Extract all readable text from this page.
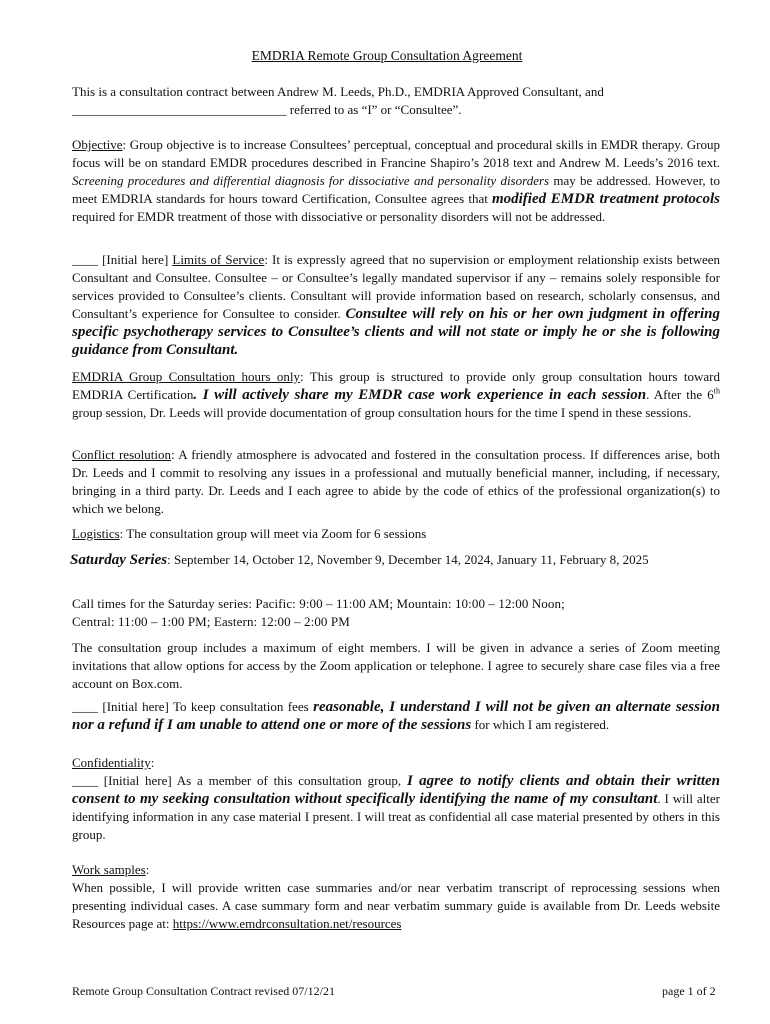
EMDRIA Remote Group Consultation Agreement
This is a consultation contract between Andrew M. Leeds, Ph.D., EMDRIA Approved Consultant, and
_________________________________ referred to as “I” or “Consultee”.
Objective: Group objective is to increase Consultees’ perceptual, conceptual and procedural skills in EMDR therapy. Group focus will be on standard EMDR procedures described in Francine Shapiro’s 2018 text and Andrew M. Leeds’s 2016 text. Screening procedures and differential diagnosis for dissociative and personality disorders may be addressed. However, to meet EMDRIA standards for hours toward Certification, Consultee agrees that modified EMDR treatment protocols required for EMDR treatment of those with dissociative or personality disorders will not be addressed.
____ [Initial here] Limits of Service: It is expressly agreed that no supervision or employment relationship exists between Consultant and Consultee. Consultee – or Consultee’s legally mandated supervisor if any – remains solely responsible for services provided to Consultee’s clients. Consultant will provide information based on research, scholarly consensus, and Consultant’s experience for Consultee to consider. Consultee will rely on his or her own judgment in offering specific psychotherapy services to Consultee’s clients and will not state or imply he or she is following guidance from Consultant.
EMDRIA Group Consultation hours only: This group is structured to provide only group consultation hours toward EMDRIA Certification. I will actively share my EMDR case work experience in each session. After the 6th group session, Dr. Leeds will provide documentation of group consultation hours for the time I spend in these sessions.
Conflict resolution: A friendly atmosphere is advocated and fostered in the consultation process. If differences arise, both Dr. Leeds and I commit to resolving any issues in a professional and mutually beneficial manner, including, if necessary, bringing in a third party. Dr. Leeds and I each agree to abide by the code of ethics of the professional organization(s) to which we belong.
Logistics: The consultation group will meet via Zoom for 6 sessions
Saturday Series: September 14, October 12, November 9, December 14, 2024, January 11, February 8, 2025
Call times for the Saturday series: Pacific: 9:00 – 11:00 AM; Mountain: 10:00 – 12:00 Noon;
Central: 11:00 – 1:00 PM; Eastern: 12:00 – 2:00 PM
The consultation group includes a maximum of eight members. I will be given in advance a series of Zoom meeting invitations that allow options for access by the Zoom application or telephone. I agree to securely share case files via a free account on Box.com.
____ [Initial here] To keep consultation fees reasonable, I understand I will not be given an alternate session nor a refund if I am unable to attend one or more of the sessions for which I am registered.
Confidentiality:
____ [Initial here] As a member of this consultation group, I agree to notify clients and obtain their written consent to my seeking consultation without specifically identifying the name of my consultant. I will alter identifying information in any case material I present. I will treat as confidential all case material presented by others in this group.
Work samples:
When possible, I will provide written case summaries and/or near verbatim transcript of reprocessing sessions when presenting individual cases. A case summary form and near verbatim summary guide is available from Dr. Leeds website Resources page at: https://www.emdrconsultation.net/resources
Remote Group Consultation Contract revised 07/12/21	page 1 of 2
